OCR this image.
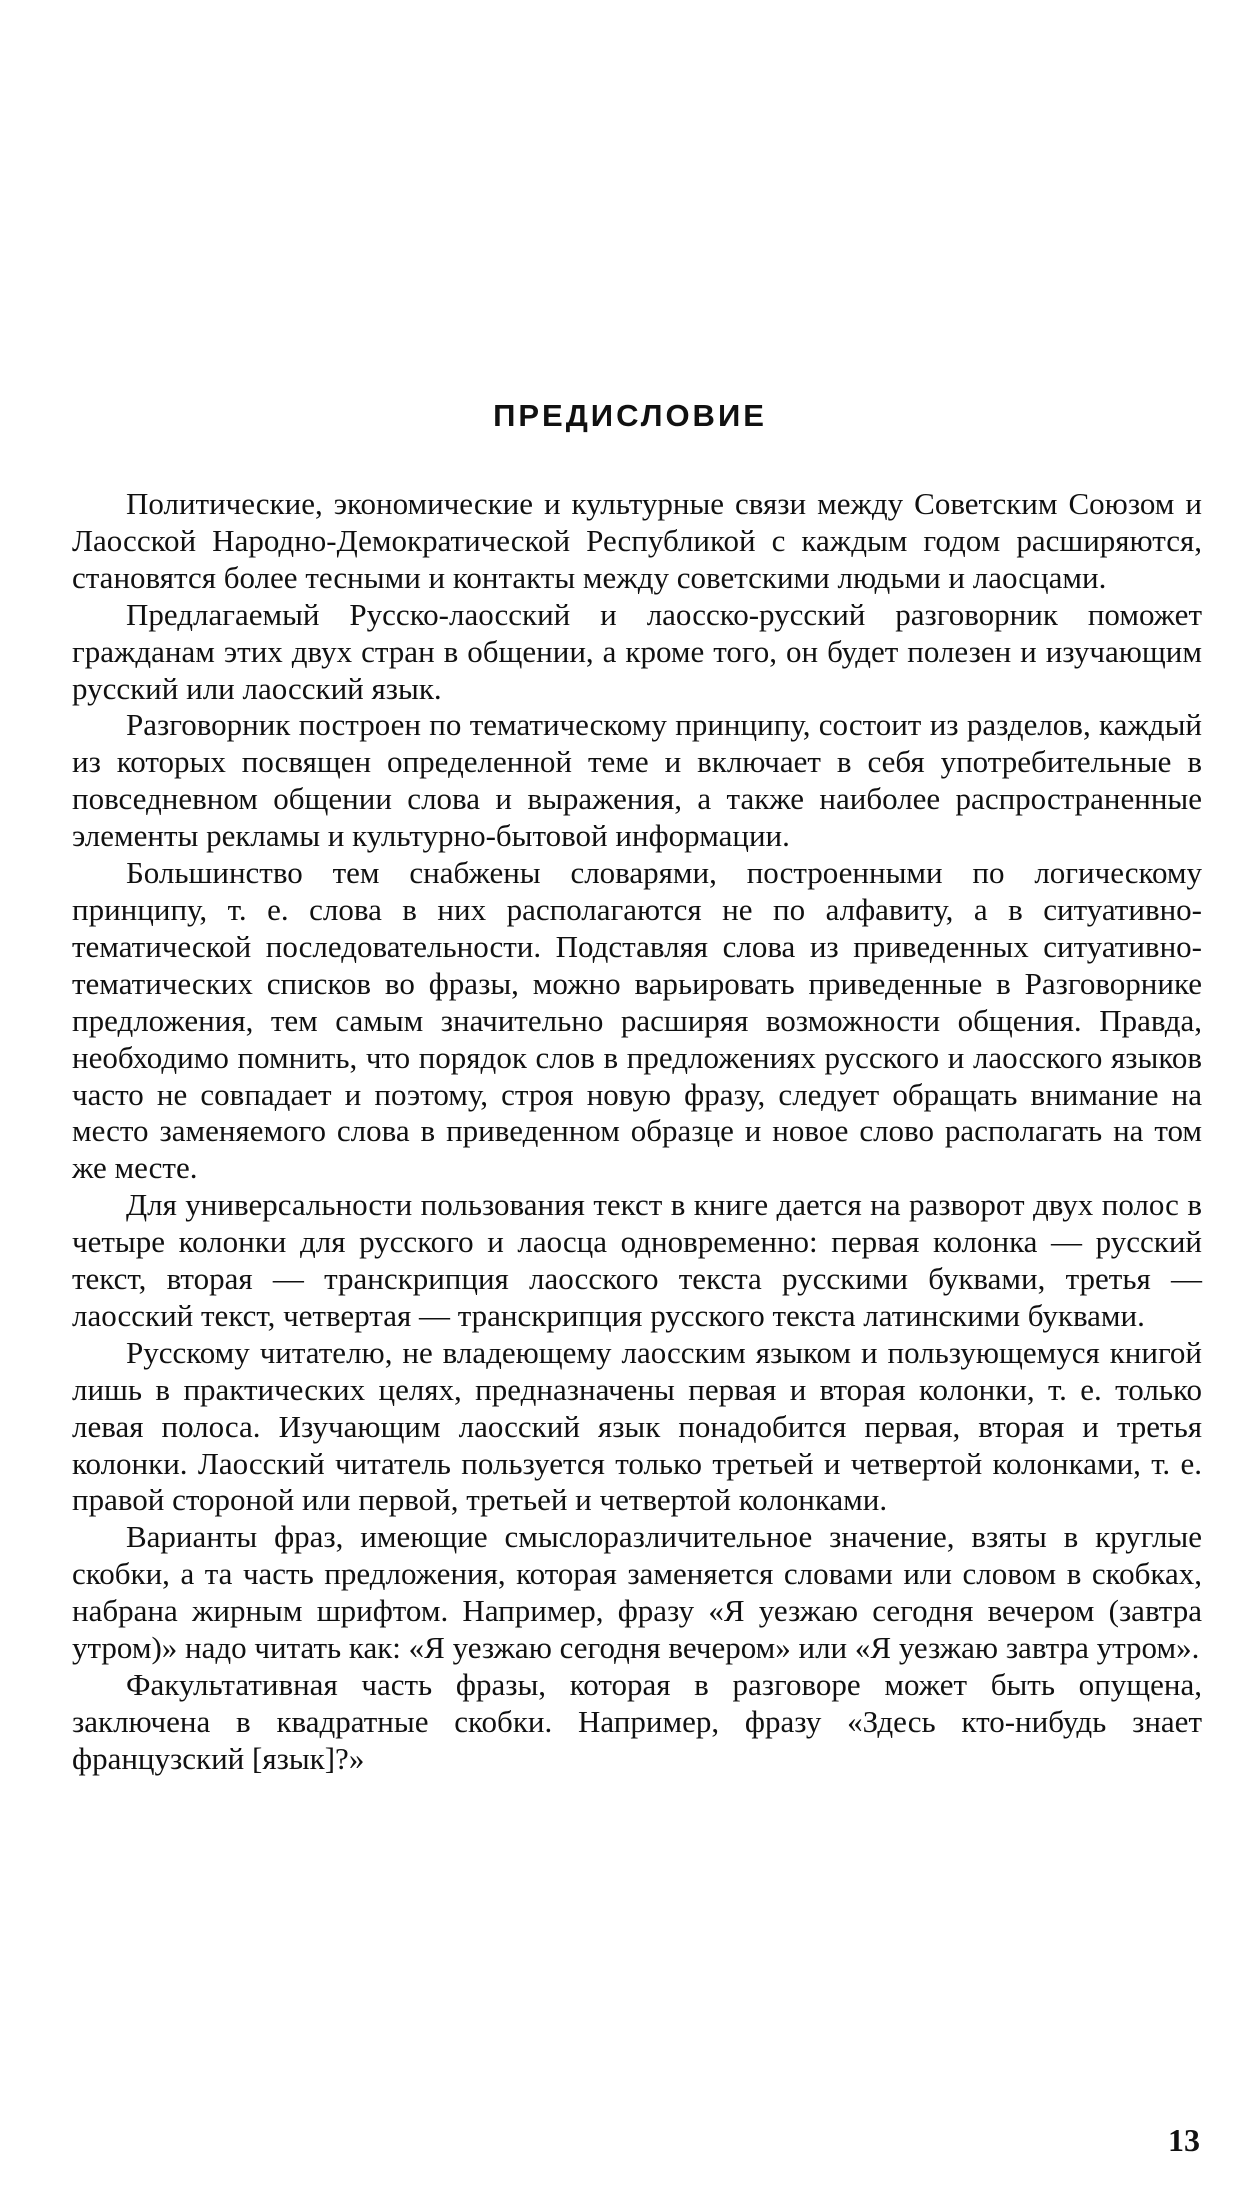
ПРЕДИСЛОВИЕ

Политические, экономические и культурные связи между Советским Союзом и Лаосской Народно-Демократической Республикой с каждым годом расширяются, становятся более тесными и контакты между советскими людьми и лаосцами.

Предлагаемый Русско-лаосский и лаосско-русский разговорник поможет гражданам этих двух стран в общении, а кроме того, он будет полезен и изучающим русский или лаосский язык.

Разговорник построен по тематическому принципу, состоит из разделов, каждый из которых посвящен определенной теме и включает в себя употребительные в повседневном общении слова и выражения, а также наиболее распространенные элементы рекламы и культурно-бытовой информации.

Большинство тем снабжены словарями, построенными по логическому принципу, т. е. слова в них располагаются не по алфавиту, а в ситуативно-тематической последовательности. Подставляя слова из приведенных ситуативно-тематических списков во фразы, можно варьировать приведенные в Разговорнике предложения, тем самым значительно расширяя возможности общения. Правда, необходимо помнить, что порядок слов в предложениях русского и лаосского языков часто не совпадает и поэтому, строя новую фразу, следует обращать внимание на место заменяемого слова в приведенном образце и новое слово располагать на том же месте.

Для универсальности пользования текст в книге дается на разворот двух полос в четыре колонки для русского и лаосца одновременно: первая колонка — русский текст, вторая — транскрипция лаосского текста русскими буквами, третья — лаосский текст, четвертая — транскрипция русского текста латинскими буквами.

Русскому читателю, не владеющему лаосским языком и пользующемуся книгой лишь в практических целях, предназначены первая и вторая колонки, т. е. только левая полоса. Изучающим лаосский язык понадобится первая, вторая и третья колонки. Лаосский читатель пользуется только третьей и четвертой колонками, т. е. правой стороной или первой, третьей и четвертой колонками.

Варианты фраз, имеющие смыслоразличительное значение, взяты в круглые скобки, а та часть предложения, которая заменяется словами или словом в скобках, набрана жирным шрифтом. Например, фразу «Я уезжаю сегодня вечером (завтра утром)» надо читать как: «Я уезжаю сегодня вечером» или «Я уезжаю завтра утром».

Факультативная часть фразы, которая в разговоре может быть опущена, заключена в квадратные скобки. Например, фразу «Здесь кто-нибудь знает французский [язык]?»

13
